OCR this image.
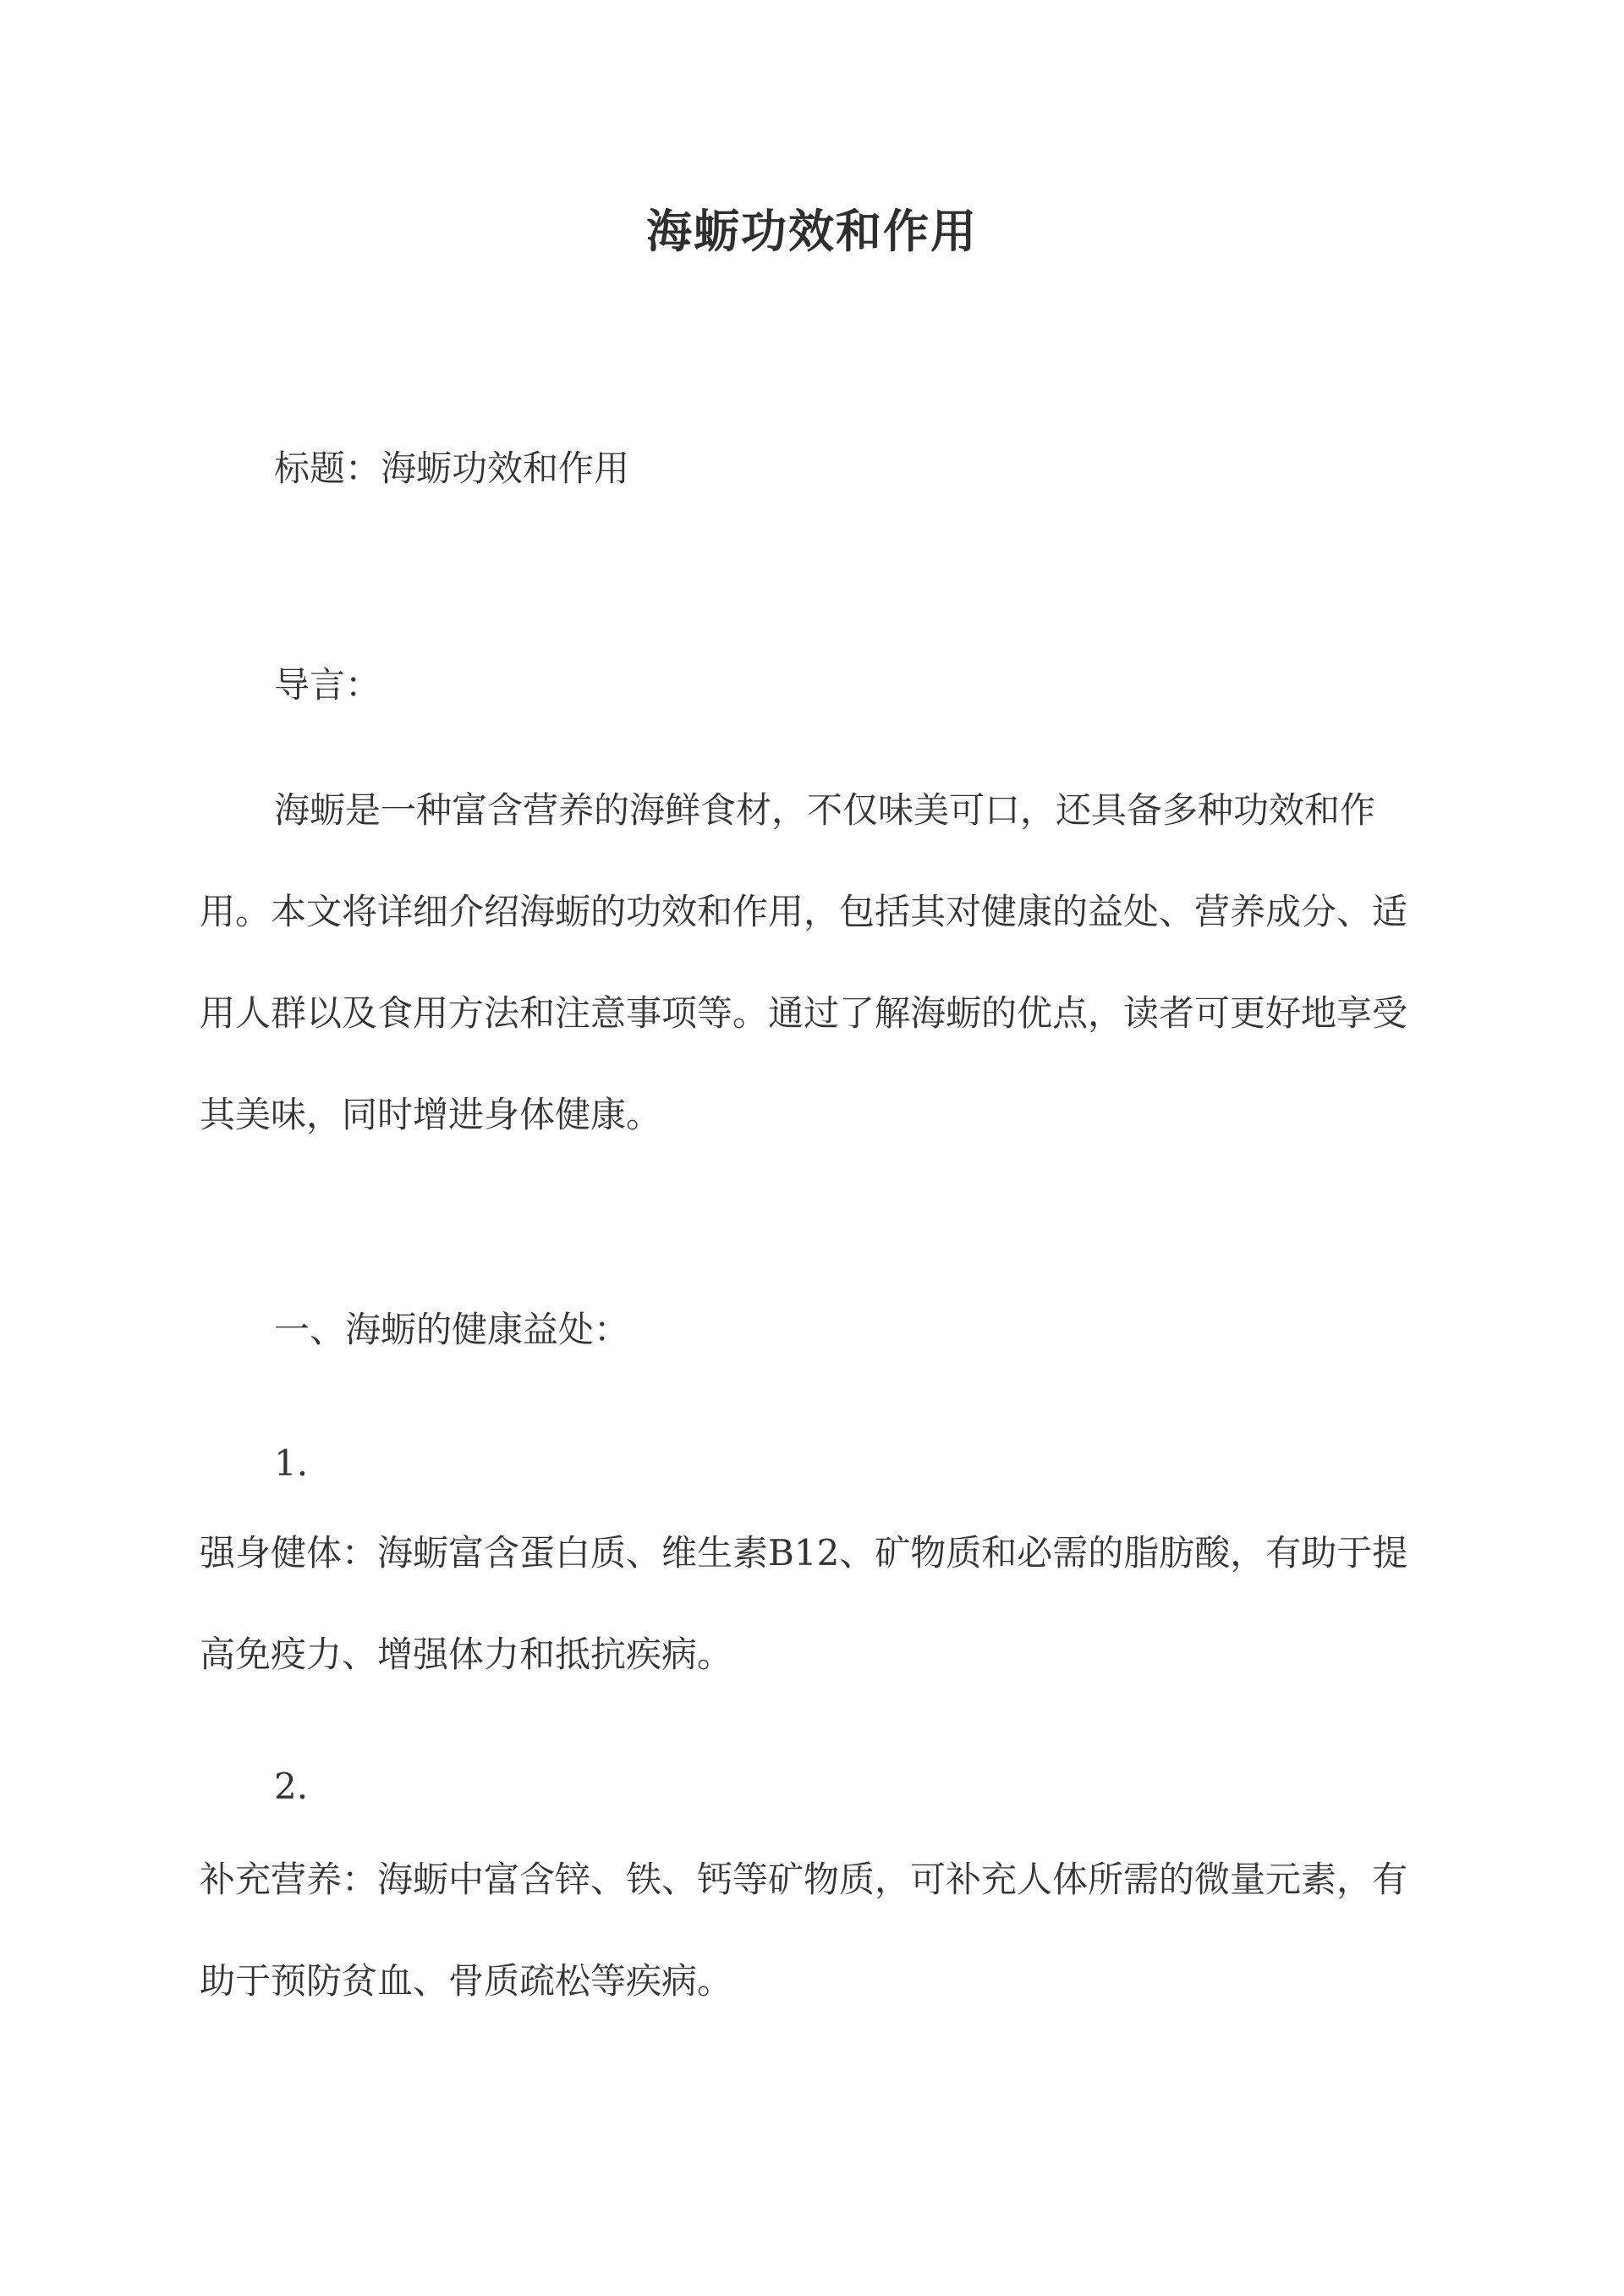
海蛎功效和作用

标题：海蛎功效和作用

导言：

海蛎是一种富含营养的海鲜食材，不仅味美可口，还具备多种功效和作用。本文将详细介绍海蛎的功效和作用，包括其对健康的益处、营养成分、适用人群以及食用方法和注意事项等。通过了解海蛎的优点，读者可更好地享受其美味，同时增进身体健康。

一、海蛎的健康益处：

1.

强身健体：海蛎富含蛋白质、维生素B12、矿物质和必需的脂肪酸，有助于提高免疫力、增强体力和抵抗疾病。

2.

补充营养：海蛎中富含锌、铁、钙等矿物质，可补充人体所需的微量元素，有助于预防贫血、骨质疏松等疾病。
